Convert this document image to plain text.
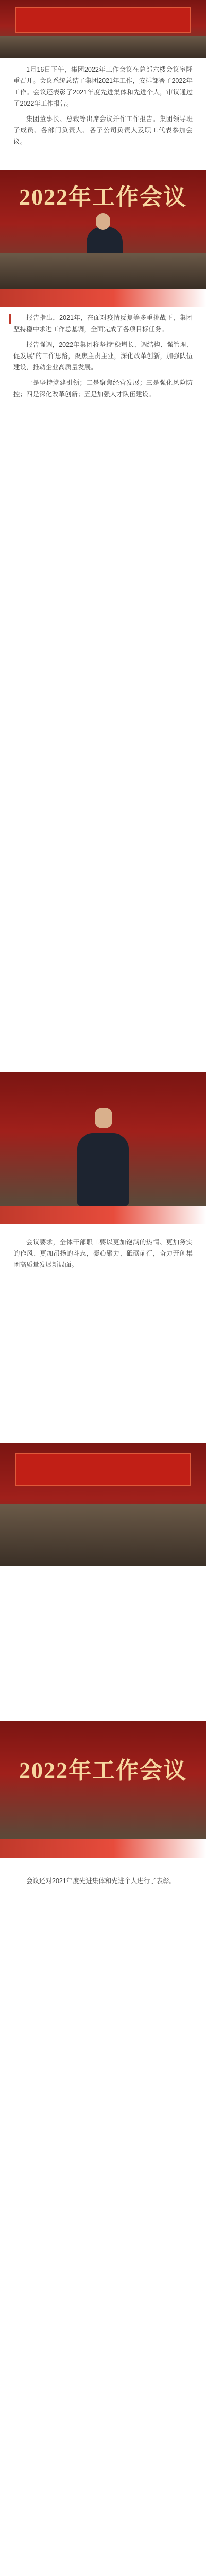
1月16日下午，集团2022年工作会议在总部六楼会议室隆重召开。会议系统总结了集团2021年工作，安排部署了2022年工作。会议还表彰了2021年度先进集体和先进个人，审议通过了2022年工作报告。

集团董事长、总裁等出席会议并作工作报告。集团领导班子成员、各部门负责人、各子公司负责人及职工代表参加会议。

2022年工作会议

报告指出，2021年，在面对疫情反复等多重挑战下，集团坚持稳中求进工作总基调，全面完成了各项目标任务。

报告强调，2022年集团将坚持“稳增长、调结构、强管理、促发展”的工作思路，聚焦主责主业，深化改革创新，加强队伍建设，推动企业高质量发展。

一是坚持党建引领；二是聚焦经营发展；三是强化风险防控；四是深化改革创新；五是加强人才队伍建设。

会议要求，全体干部职工要以更加饱满的热情、更加务实的作风、更加昂扬的斗志，凝心聚力、砥砺前行，奋力开创集团高质量发展新局面。

2022年工作会议

会议还对2021年度先进集体和先进个人进行了表彰。
